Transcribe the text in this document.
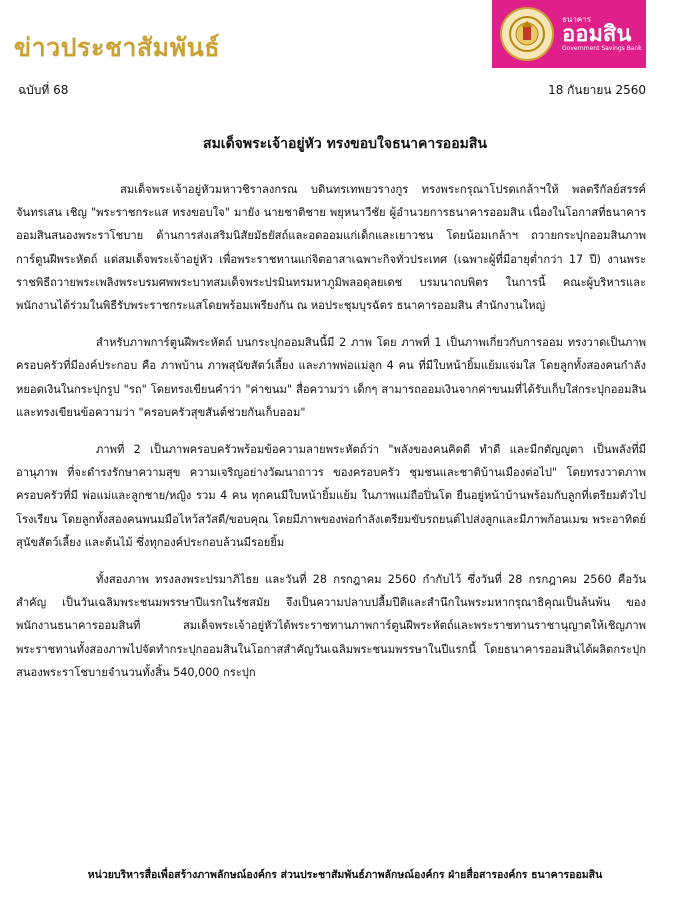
ข่าวประชาสัมพันธ์
ธนาคาร
ออมสิน
Government Savings Bank
ฉบับที่ 68	18 กันยายน 2560
สมเด็จพระเจ้าอยู่หัว ทรงขอบใจธนาคารออมสิน

สมเด็จพระเจ้าอยู่หัวมหาวชิราลงกรณ บดินทรเทพยวรางกูร ทรงพระกรุณาโปรดเกล้าฯให้ พลตรีกัลย์สรรค์ จันทรเสน เชิญ "พระราชกระแส ทรงขอบใจ" มายัง นายชาติชาย พยุหนาวีชัย ผู้อำนวยการธนาคารออมสิน เนื่องในโอกาสที่ธนาคารออมสินสนองพระราโชบาย ด้านการส่งเสริมนิสัยมัธยัสถ์และอดออมแก่เด็กและเยาวชน โดยน้อมเกล้าฯ ถวายกระปุกออมสินภาพการ์ตูนฝีพระหัตถ์ แด่สมเด็จพระเจ้าอยู่หัว เพื่อพระราชทานแก่จิตอาสาเฉพาะกิจทั่วประเทศ (เฉพาะผู้ที่มีอายุต่ำกว่า 17 ปี) งานพระราชพิธีถวายพระเพลิงพระบรมศพพระบาทสมเด็จพระปรมินทรมหาภูมิพลอดุลยเดช บรมนาถบพิตร ในการนี้ คณะผู้บริหารและพนักงานได้ร่วมในพิธีรับพระราชกระแสโดยพร้อมเพรียงกัน ณ หอประชุมบุรฉัตร ธนาคารออมสิน สำนักงานใหญ่

สำหรับภาพการ์ตูนฝีพระหัตถ์ บนกระปุกออมสินนี้มี 2 ภาพ โดย ภาพที่ 1 เป็นภาพเกี่ยวกับการออม ทรงวาดเป็นภาพครอบครัวที่มีองค์ประกอบ คือ ภาพบ้าน ภาพสุนัขสัตว์เลี้ยง และภาพพ่อแม่ลูก 4 คน ที่มีใบหน้ายิ้มแย้มแจ่มใส โดยลูกทั้งสองคนกำลังหยอดเงินในกระปุกรูป "รถ" โดยทรงเขียนคำว่า "ค่าขนม" สื่อความว่า เด็กๆ สามารถออมเงินจากค่าขนมที่ได้รับเก็บใส่กระปุกออมสิน และทรงเขียนข้อความว่า "ครอบครัวสุขสันต์ช่วยกันเก็บออม"

ภาพที่ 2 เป็นภาพครอบครัวพร้อมข้อความลายพระหัตถ์ว่า "พลังของคนคิดดี ทำดี และมีกตัญญูตา เป็นพลังที่มีอานุภาพ ที่จะดำรงรักษาความสุข ความเจริญอย่างวัฒนาถาวร ของครอบครัว ชุมชนและชาติบ้านเมืองต่อไป" โดยทรงวาดภาพครอบครัวที่มี พ่อแม่และลูกชาย/หญิง รวม 4 คน ทุกคนมีใบหน้ายิ้มแย้ม ในภาพแม่ถือปิ่นโต ยืนอยู่หน้าบ้านพร้อมกับลูกที่เตรียมตัวไปโรงเรียน โดยลูกทั้งสองคนพนมมือไหว้สวัสดี/ขอบคุณ โดยมีภาพของพ่อกำลังเตรียมขับรถยนต์ไปส่งลูกและมีภาพก้อนเมฆ พระอาทิตย์ สุนัขสัตว์เลี้ยง และต้นไม้ ซึ่งทุกองค์ประกอบล้วนมีรอยยิ้ม

ทั้งสองภาพ ทรงลงพระปรมาภิไธย และวันที่ 28 กรกฎาคม 2560 กำกับไว้ ซึ่งวันที่ 28 กรกฎาคม 2560 คือวันสำคัญ เป็นวันเฉลิมพระชนมพรรษาปีแรกในรัชสมัย จึงเป็นความปลาบปลื้มปีติและสำนึกในพระมหากรุณาธิคุณเป็นล้นพ้น ของพนักงานธนาคารออมสินที่ สมเด็จพระเจ้าอยู่หัวได้พระราชทานภาพการ์ตูนฝีพระหัตถ์และพระราชทานราชานุญาตให้เชิญภาพพระราชทานทั้งสองภาพไปจัดทำกระปุกออมสินในโอกาสสำคัญวันเฉลิมพระชนมพรรษาในปีแรกนี้ โดยธนาคารออมสินได้ผลิตกระปุกสนองพระราโชบายจำนวนทั้งสิ้น 540,000 กระปุก

หน่วยบริหารสื่อเพื่อสร้างภาพลักษณ์องค์กร ส่วนประชาสัมพันธ์ภาพลักษณ์องค์กร ฝ่ายสื่อสารองค์กร ธนาคารออมสิน
